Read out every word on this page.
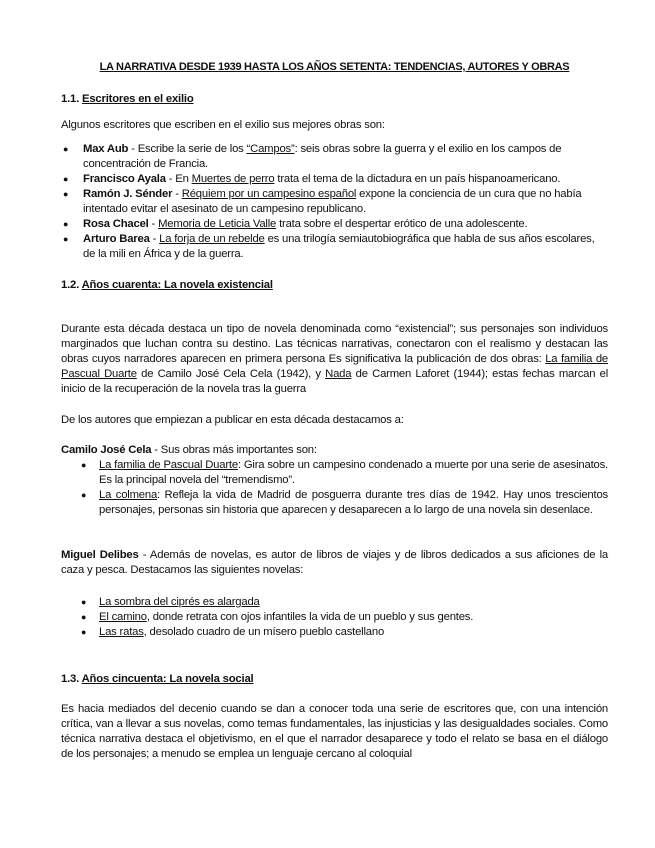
LA NARRATIVA DESDE 1939 HASTA LOS AÑOS SETENTA: TENDENCIAS, AUTORES Y OBRAS
1.1. Escritores en el exilio
Algunos escritores que escriben en el exilio sus mejores obras son:
● Max Aub - Escribe la serie de los “Campos”: seis obras sobre la guerra y el exilio en los campos de concentración de Francia.
● Francisco Ayala - En Muertes de perro trata el tema de la dictadura en un país hispanoamericano.
● Ramón J. Sénder - Réquiem por un campesino español expone la conciencia de un cura que no había intentado evitar el asesinato de un campesino republicano.
● Rosa Chacel - Memoria de Leticia Valle trata sobre el despertar erótico de una adolescente.
● Arturo Barea - La forja de un rebelde es una trilogía semiautobiográfica que habla de sus años escolares, de la mili en África y de la guerra.
1.2. Años cuarenta: La novela existencial
Durante esta década destaca un tipo de novela denominada como “existencial”; sus personajes son individuos marginados que luchan contra su destino. Las técnicas narrativas, conectaron con el realismo y destacan las obras cuyos narradores aparecen en primera persona Es significativa la publicación de dos obras: La familia de Pascual Duarte de Camilo José Cela Cela (1942), y Nada de Carmen Laforet (1944); estas fechas marcan el inicio de la recuperación de la novela tras la guerra
De los autores que empiezan a publicar en esta década destacamos a:
Camilo José Cela - Sus obras más importantes son:
● La familia de Pascual Duarte: Gira sobre un campesino condenado a muerte por una serie de asesinatos. Es la principal novela del “tremendismo”.
● La colmena: Refleja la vida de Madrid de posguerra durante tres días de 1942. Hay unos trescientos personajes, personas sin historia que aparecen y desaparecen a lo largo de una novela sin desenlace.
Miguel Delibes - Además de novelas, es autor de libros de viajes y de libros dedicados a sus aficiones de la caza y pesca. Destacamos las siguientes novelas:
● La sombra del ciprés es alargada
● El camino, donde retrata con ojos infantiles la vida de un pueblo y sus gentes.
● Las ratas, desolado cuadro de un mísero pueblo castellano
1.3. Años cincuenta: La novela social
Es hacia mediados del decenio cuando se dan a conocer toda una serie de escritores que, con una intención crítica, van a llevar a sus novelas, como temas fundamentales, las injusticias y las desigualdades sociales. Como técnica narrativa destaca el objetivismo, en el que el narrador desaparece y todo el relato se basa en el diálogo de los personajes; a menudo se emplea un lenguaje cercano al coloquial
